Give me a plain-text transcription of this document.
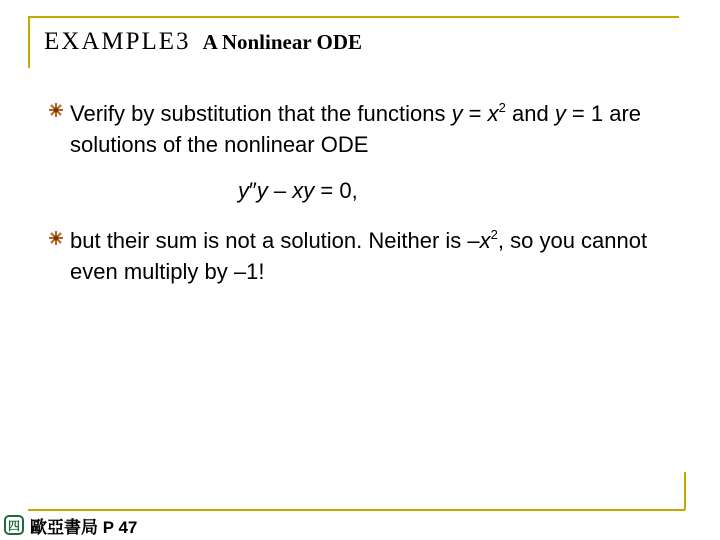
EXAMPLE3 A Nonlinear ODE
Verify by substitution that the functions $y = x^2$ and y = 1 are solutions of the nonlinear ODE
y″y – xy = 0,
but their sum is not a solution. Neither is $-x^2$, so you cannot even multiply by –1!
四 歐亞書局 P 47
